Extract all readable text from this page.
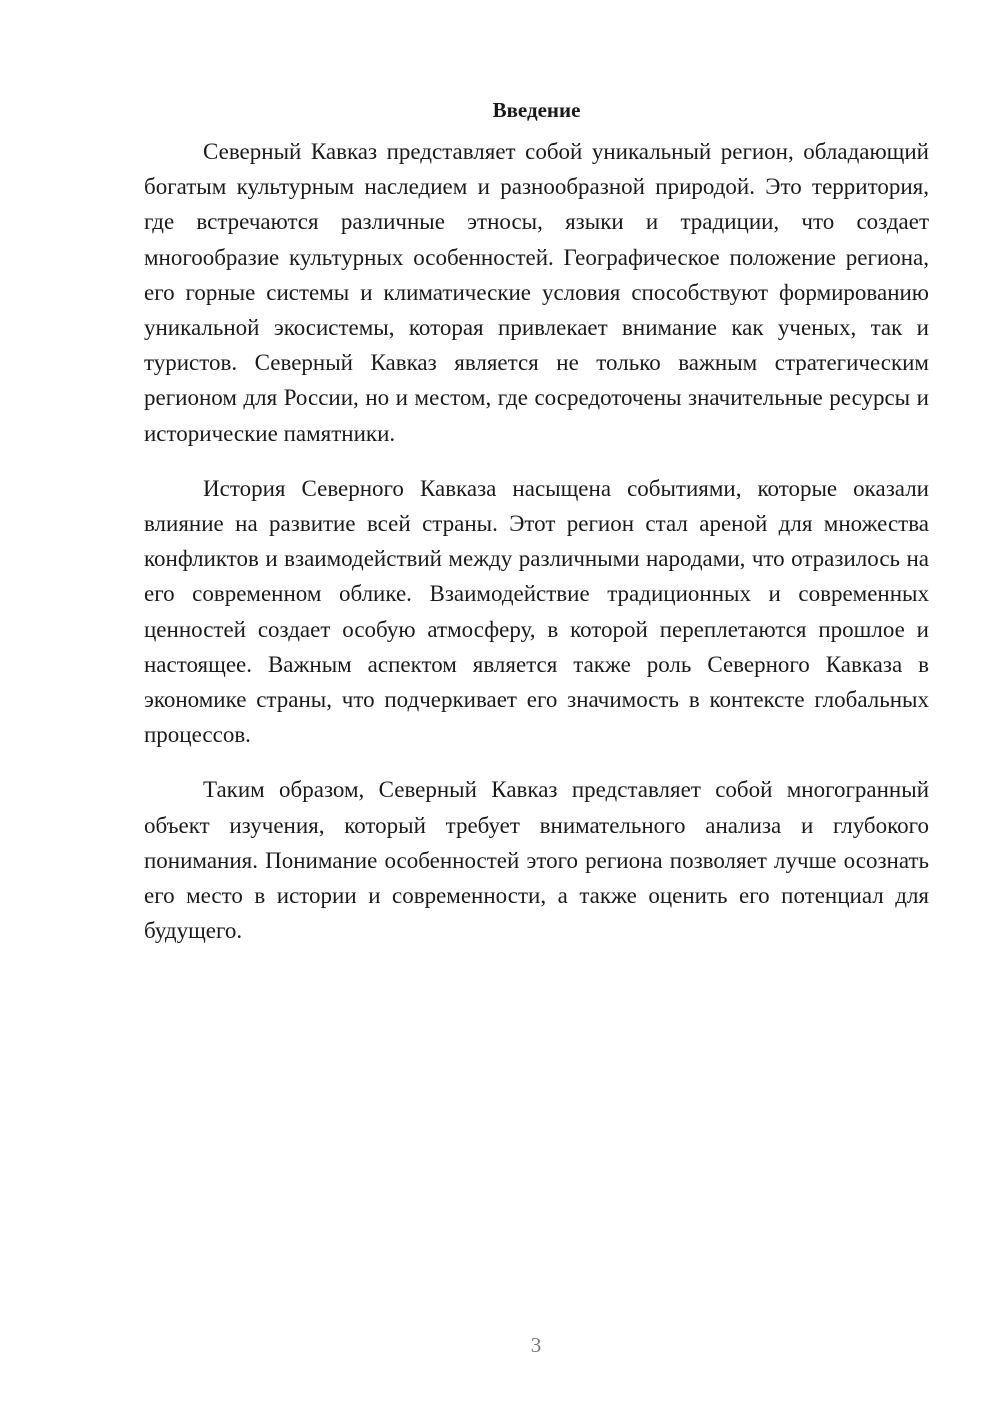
Введение

Северный Кавказ представляет собой уникальный регион, обладающий богатым культурным наследием и разнообразной природой. Это территория, где встречаются различные этносы, языки и традиции, что создает многообразие культурных особенностей. Географическое положение региона, его горные системы и климатические условия способствуют формированию уникальной экосистемы, которая привлекает внимание как ученых, так и туристов. Северный Кавказ является не только важным стратегическим регионом для России, но и местом, где сосредоточены значительные ресурсы и исторические памятники.

История Северного Кавказа насыщена событиями, которые оказали влияние на развитие всей страны. Этот регион стал ареной для множества конфликтов и взаимодействий между различными народами, что отразилось на его современном облике. Взаимодействие традиционных и современных ценностей создает особую атмосферу, в которой переплетаются прошлое и настоящее. Важным аспектом является также роль Северного Кавказа в экономике страны, что подчеркивает его значимость в контексте глобальных процессов.

Таким образом, Северный Кавказ представляет собой многогранный объект изучения, который требует внимательного анализа и глубокого понимания. Понимание особенностей этого региона позволяет лучше осознать его место в истории и современности, а также оценить его потенциал для будущего.

3
